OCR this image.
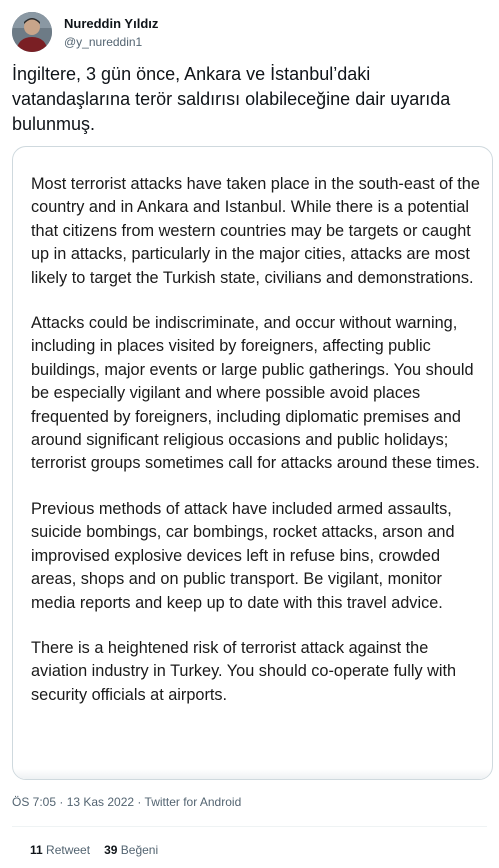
Nureddin Yıldız
@y_nureddin1
İngiltere, 3 gün önce, Ankara ve İstanbul’daki vatandaşlarına terör saldırısı olabileceğine dair uyarıda bulunmuş.

Most terrorist attacks have taken place in the south-east of the country and in Ankara and Istanbul. While there is a potential that citizens from western countries may be targets or caught up in attacks, particularly in the major cities, attacks are most likely to target the Turkish state, civilians and demonstrations.

Attacks could be indiscriminate, and occur without warning, including in places visited by foreigners, affecting public buildings, major events or large public gatherings. You should be especially vigilant and where possible avoid places frequented by foreigners, including diplomatic premises and around significant religious occasions and public holidays; terrorist groups sometimes call for attacks around these times.

Previous methods of attack have included armed assaults, suicide bombings, car bombings, rocket attacks, arson and improvised explosive devices left in refuse bins, crowded areas, shops and on public transport. Be vigilant, monitor media reports and keep up to date with this travel advice.

There is a heightened risk of terrorist attack against the aviation industry in Turkey. You should co-operate fully with security officials at airports.

ÖS 7:05 · 13 Kas 2022 · Twitter for Android
11 Retweet 39 Beğeni
